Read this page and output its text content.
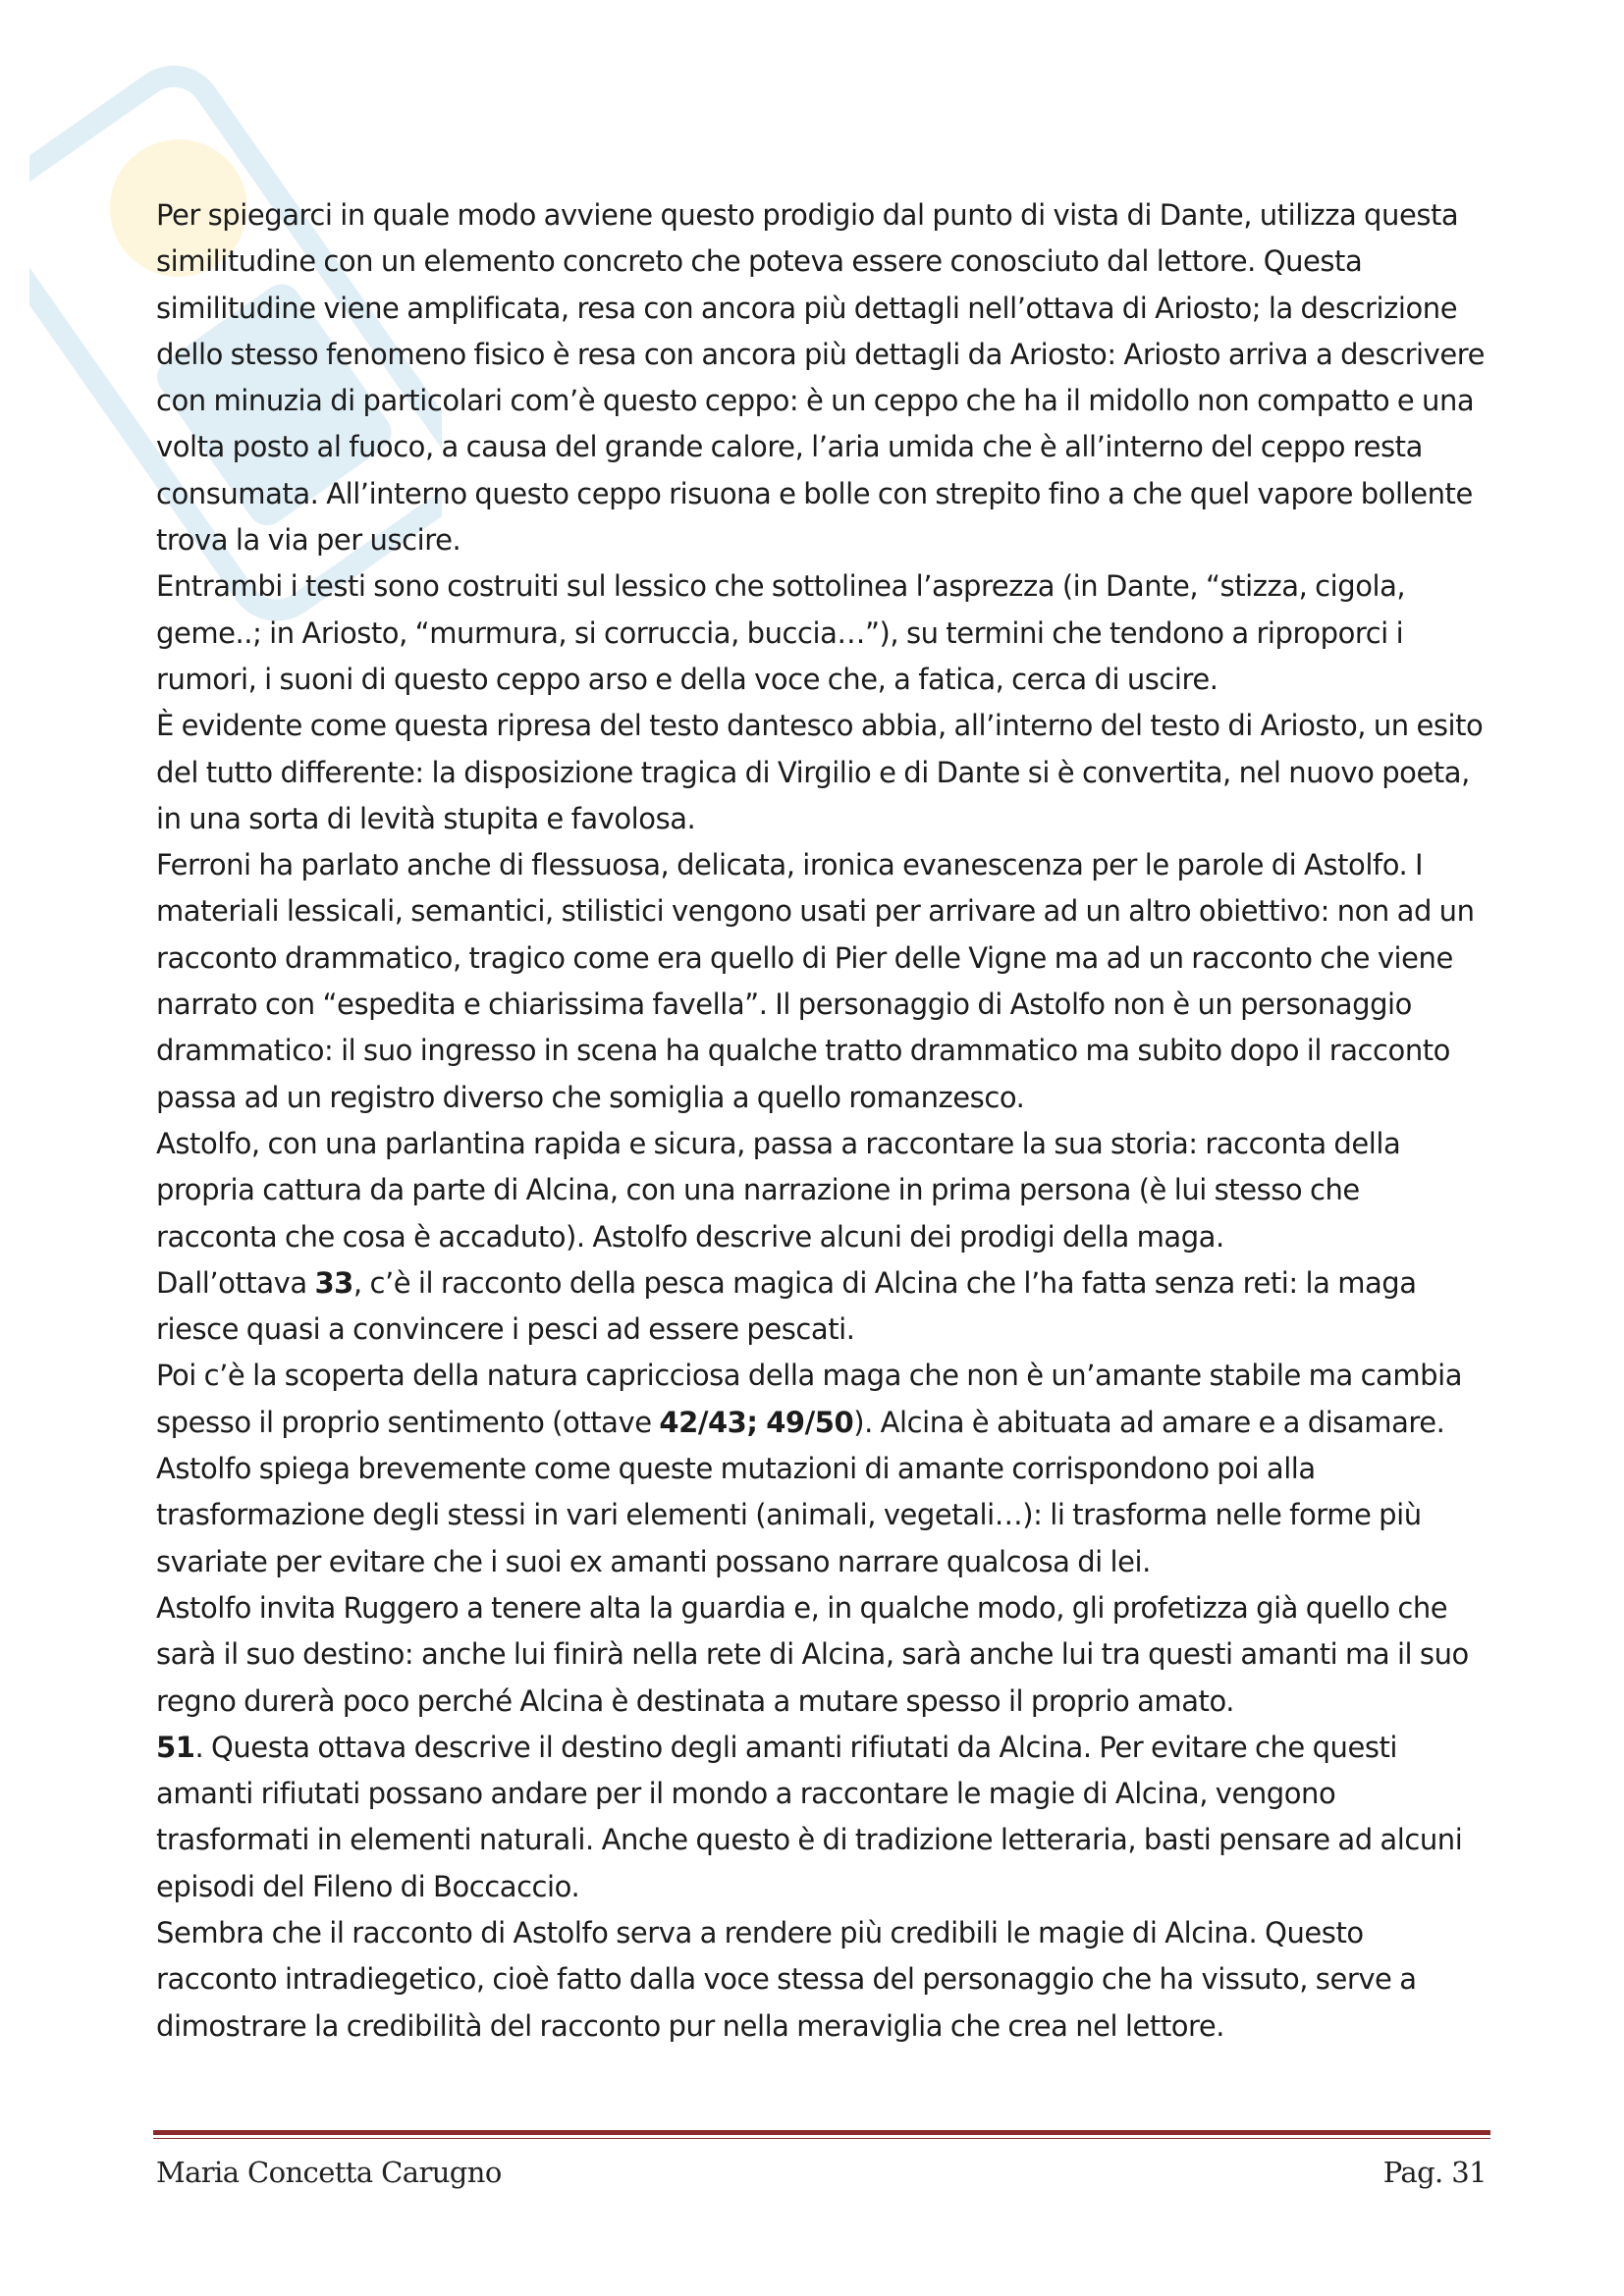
Per spiegarci in quale modo avviene questo prodigio dal punto di vista di Dante, utilizza questa similitudine con un elemento concreto che poteva essere conosciuto dal lettore. Questa similitudine viene amplificata, resa con ancora più dettagli nell’ottava di Ariosto; la descrizione dello stesso fenomeno fisico è resa con ancora più dettagli da Ariosto: Ariosto arriva a descrivere con minuzia di particolari com’è questo ceppo: è un ceppo che ha il midollo non compatto e una volta posto al fuoco, a causa del grande calore, l’aria umida che è all’interno del ceppo resta consumata. All’interno questo ceppo risuona e bolle con strepito fino a che quel vapore bollente trova la via per uscire.

Entrambi i testi sono costruiti sul lessico che sottolinea l’asprezza (in Dante, “stizza, cigola, geme..; in Ariosto, “murmura, si corruccia, buccia…”), su termini che tendono a riproporci i rumori, i suoni di questo ceppo arso e della voce che, a fatica, cerca di uscire.

È evidente come questa ripresa del testo dantesco abbia, all’interno del testo di Ariosto, un esito del tutto differente: la disposizione tragica di Virgilio e di Dante si è convertita, nel nuovo poeta, in una sorta di levità stupita e favolosa.

Ferroni ha parlato anche di flessuosa, delicata, ironica evanescenza per le parole di Astolfo. I materiali lessicali, semantici, stilistici vengono usati per arrivare ad un altro obiettivo: non ad un racconto drammatico, tragico come era quello di Pier delle Vigne ma ad un racconto che viene narrato con “espedita e chiarissima favella”. Il personaggio di Astolfo non è un personaggio drammatico: il suo ingresso in scena ha qualche tratto drammatico ma subito dopo il racconto passa ad un registro diverso che somiglia a quello romanzesco.

Astolfo, con una parlantina rapida e sicura, passa a raccontare la sua storia: racconta della propria cattura da parte di Alcina, con una narrazione in prima persona (è lui stesso che racconta che cosa è accaduto). Astolfo descrive alcuni dei prodigi della maga.

Dall’ottava 33, c’è il racconto della pesca magica di Alcina che l’ha fatta senza reti: la maga riesce quasi a convincere i pesci ad essere pescati.

Poi c’è la scoperta della natura capricciosa della maga che non è un’amante stabile ma cambia spesso il proprio sentimento (ottave 42/43; 49/50). Alcina è abituata ad amare e a disamare.

Astolfo spiega brevemente come queste mutazioni di amante corrispondono poi alla trasformazione degli stessi in vari elementi (animali, vegetali…): li trasforma nelle forme più svariate per evitare che i suoi ex amanti possano narrare qualcosa di lei.

Astolfo invita Ruggero a tenere alta la guardia e, in qualche modo, gli profetizza già quello che sarà il suo destino: anche lui finirà nella rete di Alcina, sarà anche lui tra questi amanti ma il suo regno durerà poco perché Alcina è destinata a mutare spesso il proprio amato.

51. Questa ottava descrive il destino degli amanti rifiutati da Alcina. Per evitare che questi amanti rifiutati possano andare per il mondo a raccontare le magie di Alcina, vengono trasformati in elementi naturali. Anche questo è di tradizione letteraria, basti pensare ad alcuni episodi del Fileno di Boccaccio.

Sembra che il racconto di Astolfo serva a rendere più credibili le magie di Alcina. Questo racconto intradiegetico, cioè fatto dalla voce stessa del personaggio che ha vissuto, serve a dimostrare la credibilità del racconto pur nella meraviglia che crea nel lettore.

Maria Concetta Carugno	Pag. 31
